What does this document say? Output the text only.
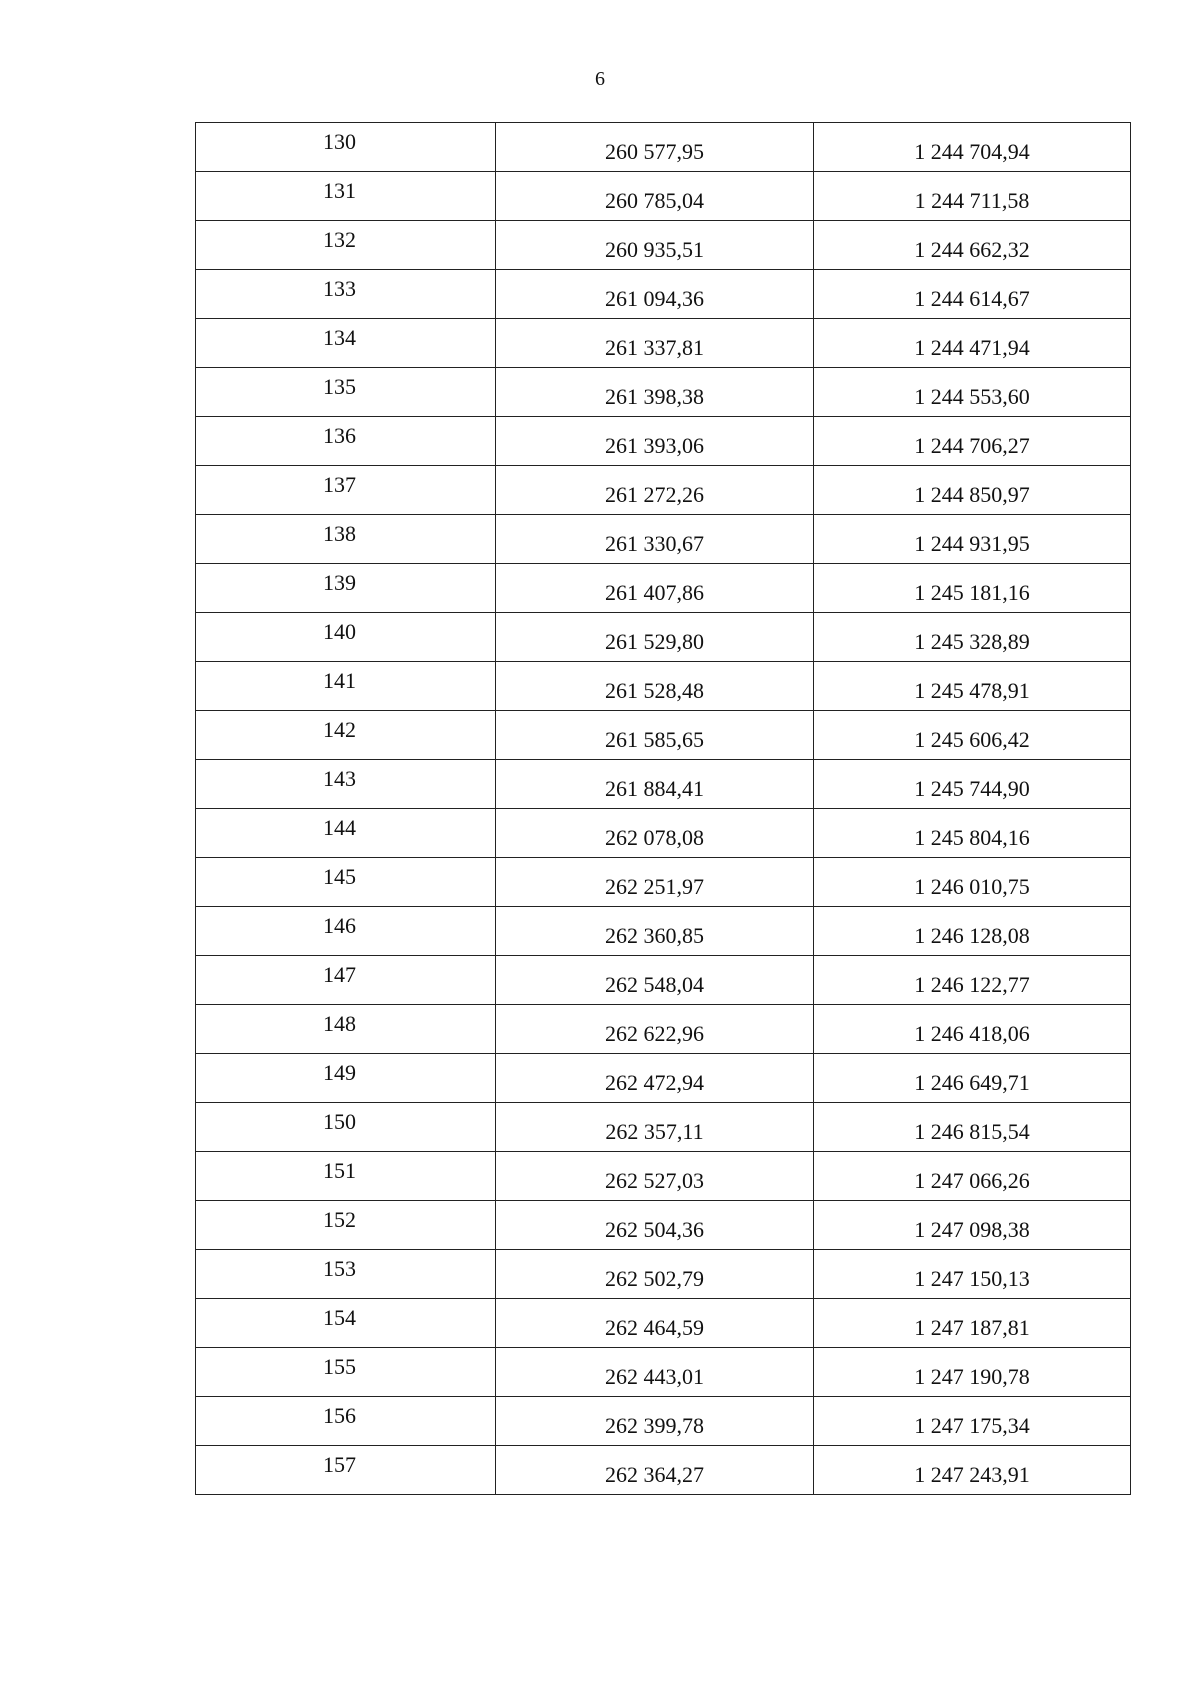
6
130	260 577,95	1 244 704,94
131	260 785,04	1 244 711,58
132	260 935,51	1 244 662,32
133	261 094,36	1 244 614,67
134	261 337,81	1 244 471,94
135	261 398,38	1 244 553,60
136	261 393,06	1 244 706,27
137	261 272,26	1 244 850,97
138	261 330,67	1 244 931,95
139	261 407,86	1 245 181,16
140	261 529,80	1 245 328,89
141	261 528,48	1 245 478,91
142	261 585,65	1 245 606,42
143	261 884,41	1 245 744,90
144	262 078,08	1 245 804,16
145	262 251,97	1 246 010,75
146	262 360,85	1 246 128,08
147	262 548,04	1 246 122,77
148	262 622,96	1 246 418,06
149	262 472,94	1 246 649,71
150	262 357,11	1 246 815,54
151	262 527,03	1 247 066,26
152	262 504,36	1 247 098,38
153	262 502,79	1 247 150,13
154	262 464,59	1 247 187,81
155	262 443,01	1 247 190,78
156	262 399,78	1 247 175,34
157	262 364,27	1 247 243,91
